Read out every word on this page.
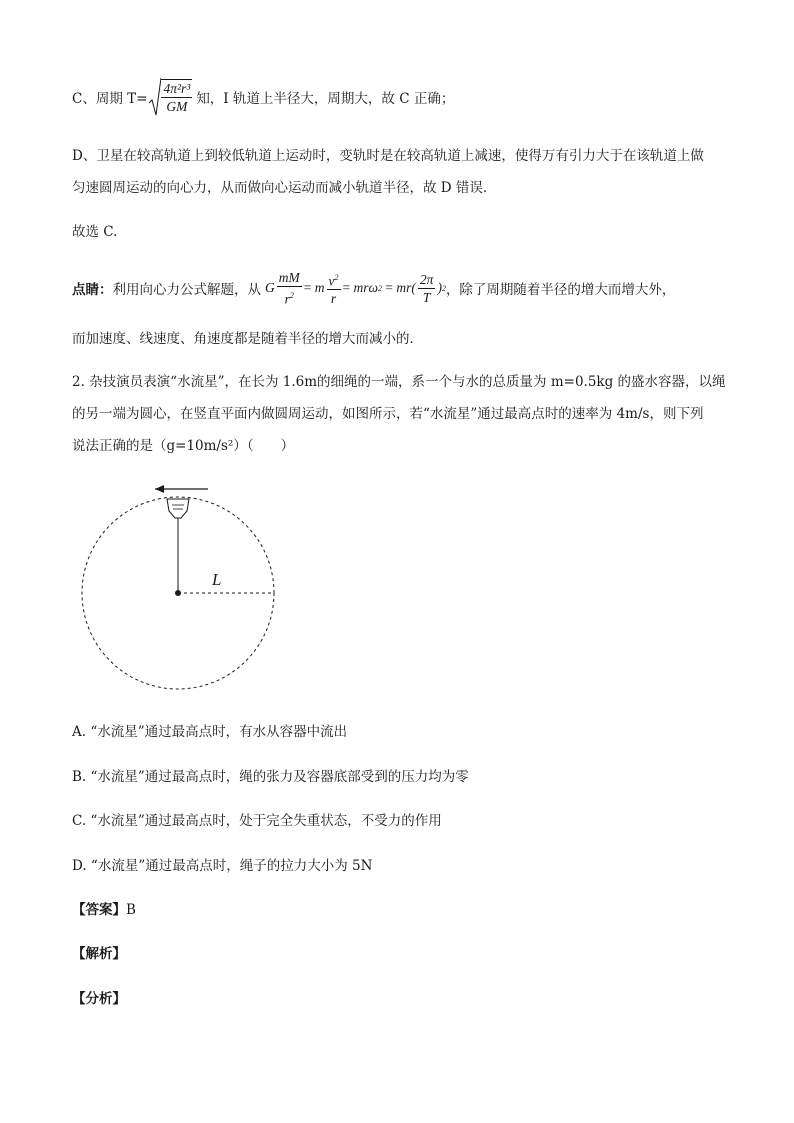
C、周期 $T= \frac{\text{4π²r³}}{GM}$ 知，I 轨道上半径大，周期大，故 C 正确；
D、卫星在较高轨道上到较低轨道上运动时，变轨时是在较高轨道上减速，使得万有引力大于在该轨道上做
匀速圆周运动的向心力，从而做向心运动而减小轨道半径，故 D 错误．
故选 C.
点睛： 利用向心力公式解题，从 G $\frac{mM}{r^2} = m \frac{v^2}{r} = mr\omega$ 2
= $mr( \frac{2\pi}{T}$ ) 2 ，除了周期随着半径的增大而增大外，
而加速度、线速度、角速度都是随着半径的增大而减小的．
2. 杂技演员表演“水流星”，在长为 1.6m的细绳的一端，系一个与水的总质量为 m=0.5kg 的盛水容器，以绳
的另一端为圆心，在竖直平面内做圆周运动，如图所示，若“水流星”通过最高点时的速率为 4m/s，则下列
说法正确的是（g=10m/s²）（　　）
L
A. “水流星”通过最高点时，有水从容器中流出
B. “水流星”通过最高点时，绳的张力及容器底部受到的压力均为零
C. “水流星”通过最高点时，处于完全失重状态，不受力的作用
D. “水流星”通过最高点时，绳子的拉力大小为 5N
【答案】B
【解析】
【分析】
